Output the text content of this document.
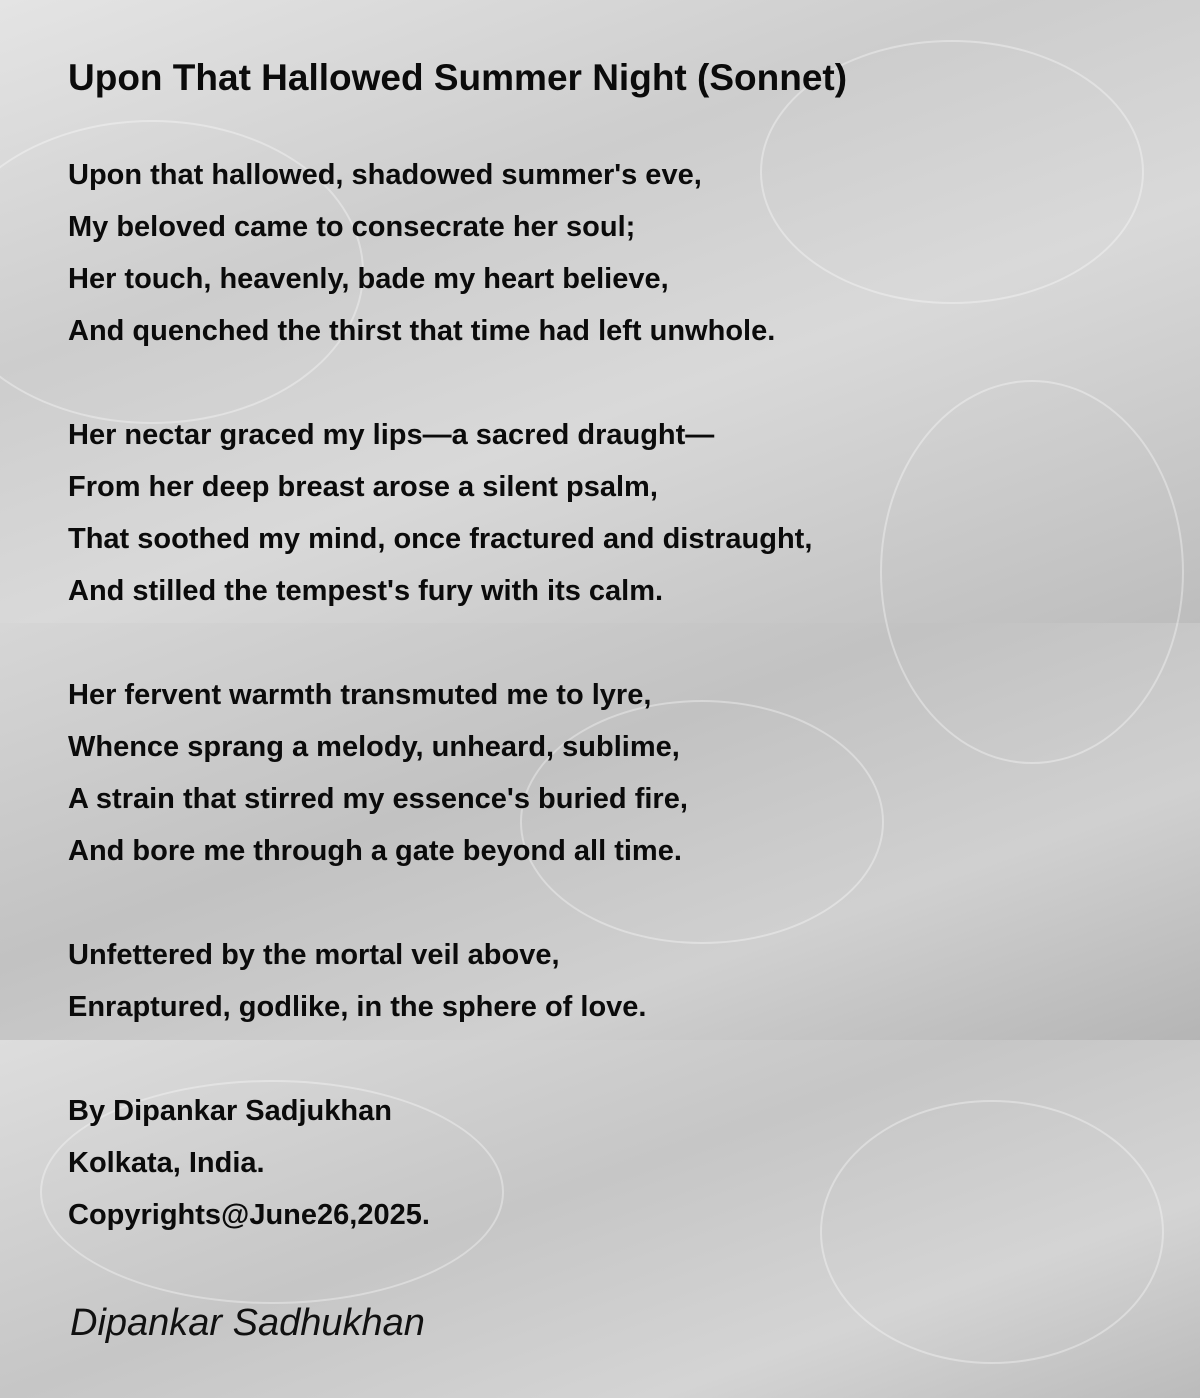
Upon That Hallowed Summer Night (Sonnet)
Upon that hallowed, shadowed summer's eve,
My beloved came to consecrate her soul;
Her touch, heavenly, bade my heart believe,
And quenched the thirst that time had left unwhole.
Her nectar graced my lips—a sacred draught—
From her deep breast arose a silent psalm,
That soothed my mind, once fractured and distraught,
And stilled the tempest's fury with its calm.
Her fervent warmth transmuted me to lyre,
Whence sprang a melody, unheard, sublime,
A strain that stirred my essence's buried fire,
And bore me through a gate beyond all time.
Unfettered by the mortal veil above,
Enraptured, godlike, in the sphere of love.
By Dipankar Sadjukhan
Kolkata, India.
Copyrights@June26,2025.
Dipankar Sadhukhan
